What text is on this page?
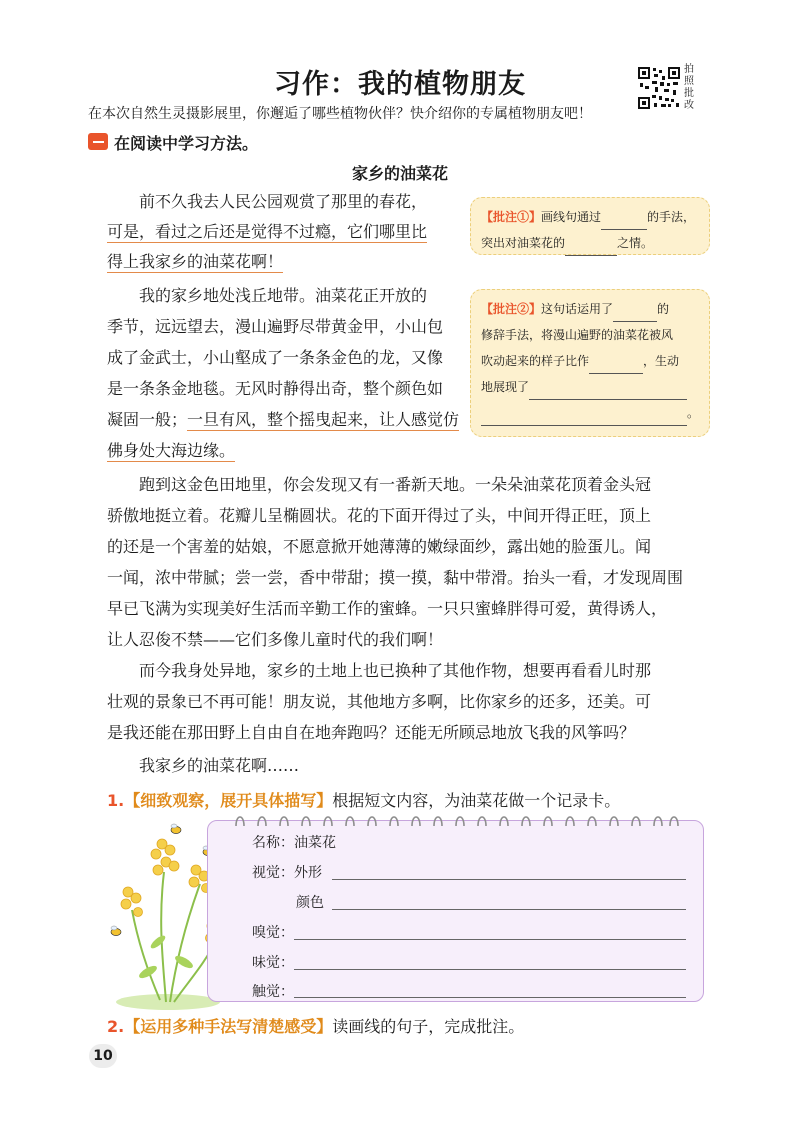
习作：我的植物朋友
在本次自然生灵摄影展里，你邂逅了哪些植物伙伴？快介绍你的专属植物朋友吧！
拍照批改
在阅读中学习方法。
家乡的油菜花
前不久我去人民公园观赏了那里的春花，
可是，看过之后还是觉得不过瘾，它们哪里比
得上我家乡的油菜花啊！
我的家乡地处浅丘地带。油菜花正开放的
季节，远远望去，漫山遍野尽带黄金甲，小山包
成了金武士，小山壑成了一条条金色的龙，又像
是一条条金地毯。无风时静得出奇，整个颜色如
凝固一般；一旦有风，整个摇曳起来，让人感觉仿
佛身处大海边缘。
【批注①】画线句通过	的手法，
突出对油菜花的	之情。
【批注②】这句话运用了	的
修辞手法，将漫山遍野的油菜花被风
吹动起来的样子比作	，生动
地展现了
。
跑到这金色田地里，你会发现又有一番新天地。一朵朵油菜花顶着金头冠
骄傲地挺立着。花瓣儿呈椭圆状。花的下面开得过了头，中间开得正旺，顶上
的还是一个害羞的姑娘，不愿意掀开她薄薄的嫩绿面纱，露出她的脸蛋儿。闻
一闻，浓中带腻；尝一尝，香中带甜；摸一摸，黏中带滑。抬头一看，才发现周围
早已飞满为实现美好生活而辛勤工作的蜜蜂。一只只蜜蜂胖得可爱，黄得诱人，
让人忍俊不禁——它们多像儿童时代的我们啊！
而今我身处异地，家乡的土地上也已换种了其他作物，想要再看看儿时那
壮观的景象已不再可能！朋友说，其他地方多啊，比你家乡的还多，还美。可
是我还能在那田野上自由自在地奔跑吗？还能无所顾忌地放飞我的风筝吗？
我家乡的油菜花啊……
1.【细致观察，展开具体描写】根据短文内容，为油菜花做一个记录卡。
名称：油菜花
视觉：外形
颜色
嗅觉：
味觉：
触觉：
2.【运用多种手法写清楚感受】读画线的句子，完成批注。
10
